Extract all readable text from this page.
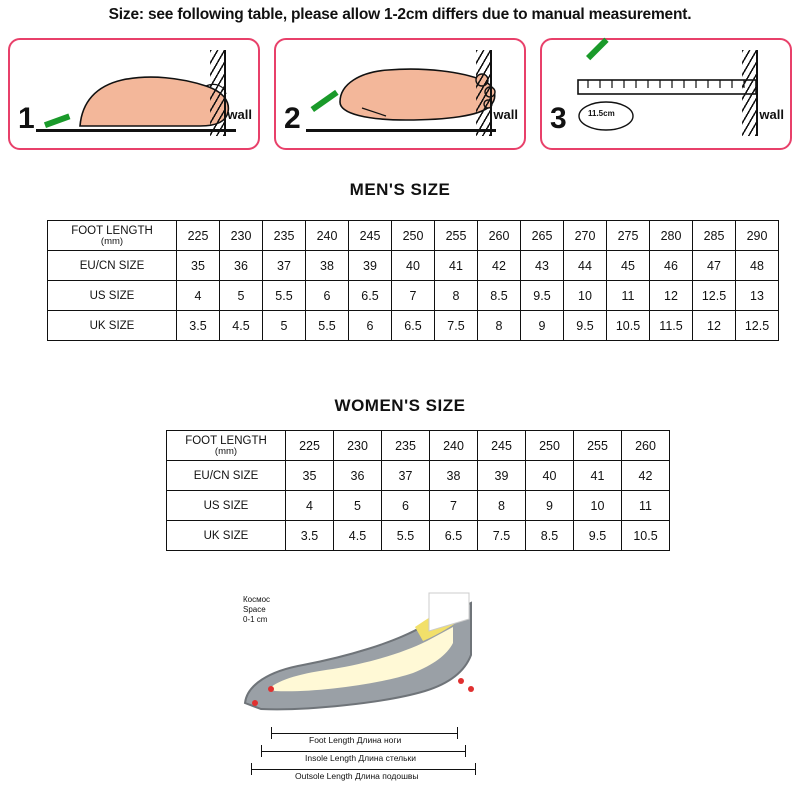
Size: see following table, please allow 1-2cm differs due to manual measurement.
1	wall 2	wall 3	11.5cm	wall
MEN'S SIZE
FOOT LENGTH
(mm)	225	230	235	240	245	250	255	260	265	270	275	280	285	290
EU/CN SIZE	35	36	37	38	39	40	41	42	43	44	45	46	47	48
US SIZE	4	5	5.5	6	6.5	7	8	8.5	9.5	10	11	12	12.5	13
UK SIZE	3.5	4.5	5	5.5	6	6.5	7.5	8	9	9.5	10.5	11.5	12	12.5
WOMEN'S SIZE
FOOT LENGTH
(mm)	225	230	235	240	245	250	255	260
EU/CN SIZE	35	36	37	38	39	40	41	42
US SIZE	4	5	6	7	8	9	10	11
UK SIZE	3.5	4.5	5.5	6.5	7.5	8.5	9.5	10.5
Космос
Space
0-1 cm
Foot Length Длина ноги
Insole Length Длина стельки
Outsole Length Длина подошвы
